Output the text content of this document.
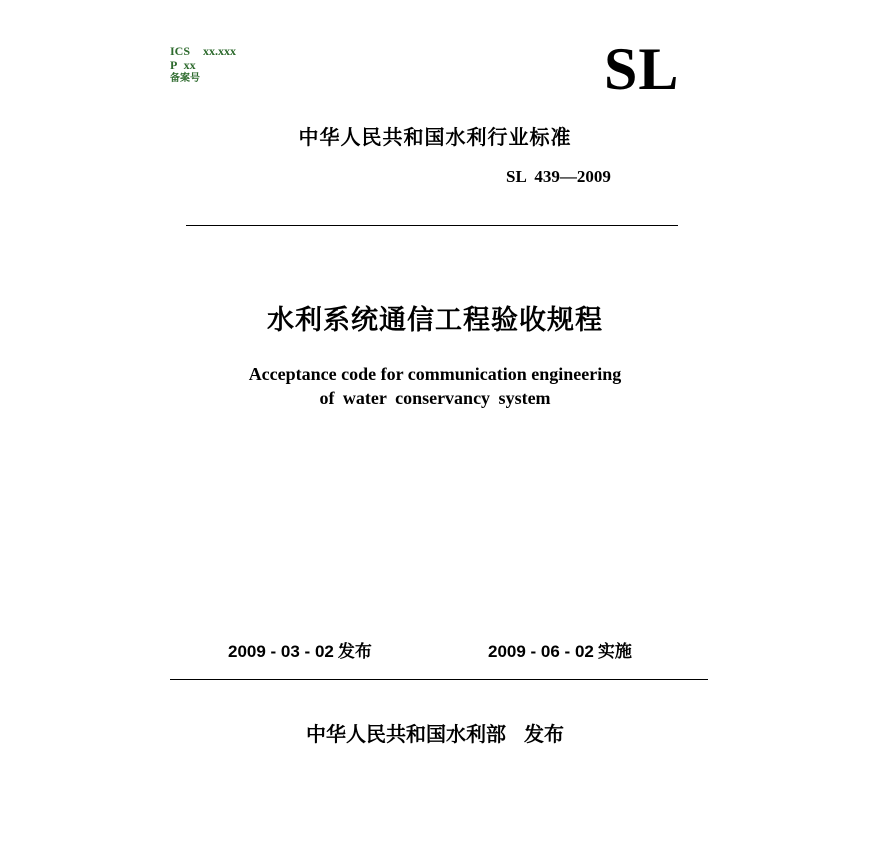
ICS xx.xxx
P xx
备案号	SL
中华人民共和国水利行业标准
SL  439—2009
水利系统通信工程验收规程
Acceptance code for communication engineering
of water conservancy system
2009 - 03 - 02 发布	2009 - 06 - 02 实施
中华人民共和国水利部 发布
